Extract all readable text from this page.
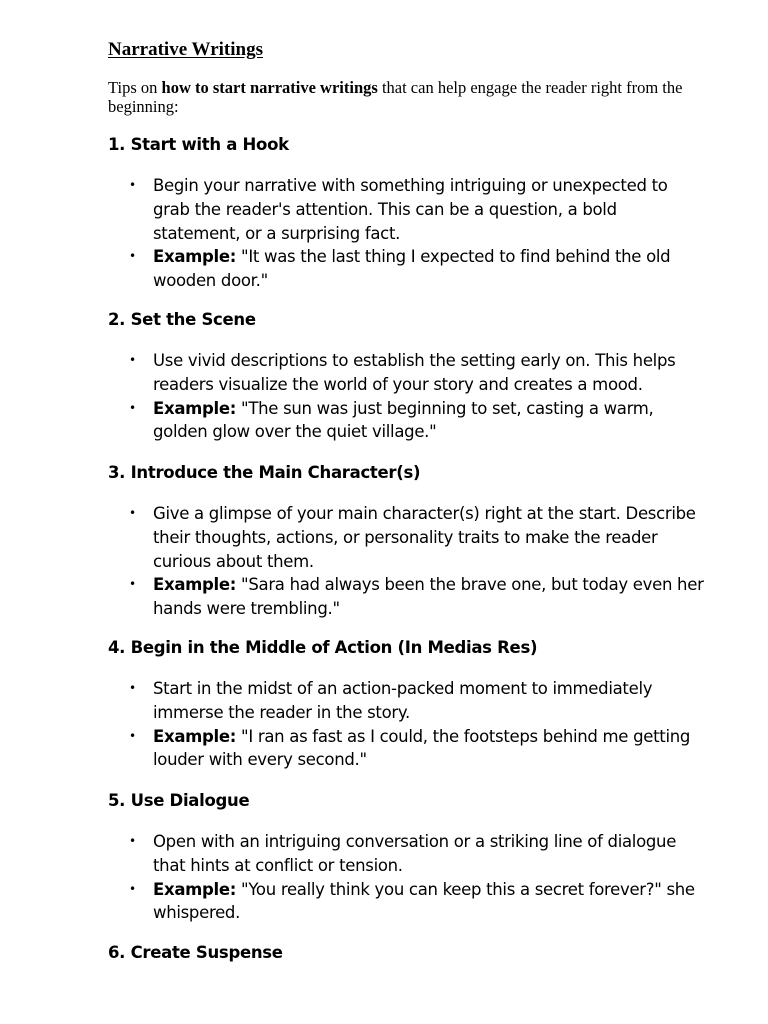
Narrative Writings

Tips on how to start narrative writings that can help engage the reader right from the beginning:

1. Start with a Hook
• Begin your narrative with something intriguing or unexpected to grab the reader's attention. This can be a question, a bold statement, or a surprising fact.
• Example: "It was the last thing I expected to find behind the old wooden door."
2. Set the Scene
• Use vivid descriptions to establish the setting early on. This helps readers visualize the world of your story and creates a mood.
• Example: "The sun was just beginning to set, casting a warm, golden glow over the quiet village."
3. Introduce the Main Character(s)
• Give a glimpse of your main character(s) right at the start. Describe their thoughts, actions, or personality traits to make the reader curious about them.
• Example: "Sara had always been the brave one, but today even her hands were trembling."
4. Begin in the Middle of Action (In Medias Res)
• Start in the midst of an action-packed moment to immediately immerse the reader in the story.
• Example: "I ran as fast as I could, the footsteps behind me getting louder with every second."
5. Use Dialogue
• Open with an intriguing conversation or a striking line of dialogue that hints at conflict or tension.
• Example: "You really think you can keep this a secret forever?" she whispered.
6. Create Suspense
